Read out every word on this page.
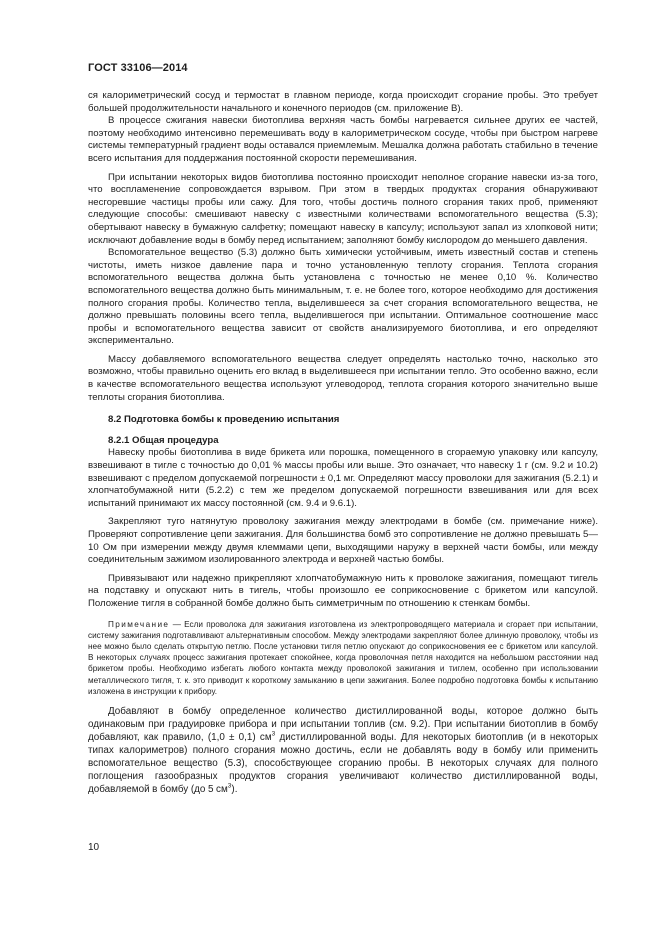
ГОСТ 33106—2014

ся калориметрический сосуд и термостат в главном периоде, когда происходит сгорание пробы. Это требует большей продолжительности начального и конечного периодов (см. приложение В).

В процессе сжигания навески биотоплива верхняя часть бомбы нагревается сильнее других ее частей, поэтому необходимо интенсивно перемешивать воду в калориметрическом сосуде, чтобы при быстром нагреве системы температурный градиент воды оставался приемлемым. Мешалка должна работать стабильно в течение всего испытания для поддержания постоянной скорости перемешивания.

При испытании некоторых видов биотоплива постоянно происходит неполное сгорание навески из-за того, что воспламенение сопровождается взрывом. При этом в твердых продуктах сгорания обнаруживают несгоревшие частицы пробы или сажу. Для того, чтобы достичь полного сгорания таких проб, применяют следующие способы: смешивают навеску с известными количествами вспомогательного вещества (5.3); обертывают навеску в бумажную салфетку; помещают навеску в капсулу; используют запал из хлопковой нити; исключают добавление воды в бомбу перед испытанием; заполняют бомбу кислородом до меньшего давления.

Вспомогательное вещество (5.3) должно быть химически устойчивым, иметь известный состав и степень чистоты, иметь низкое давление пара и точно установленную теплоту сгорания. Теплота сгорания вспомогательного вещества должна быть установлена с точностью не менее 0,10 %. Количество вспомогательного вещества должно быть минимальным, т. е. не более того, которое необходимо для достижения полного сгорания пробы. Количество тепла, выделившееся за счет сгорания вспомогательного вещества, не должно превышать половины всего тепла, выделившегося при испытании. Оптимальное соотношение масс пробы и вспомогательного вещества зависит от свойств анализируемого биотоплива, и его определяют экспериментально.

Массу добавляемого вспомогательного вещества следует определять настолько точно, насколько это возможно, чтобы правильно оценить его вклад в выделившееся при испытании тепло. Это особенно важно, если в качестве вспомогательного вещества используют углеводород, теплота сгорания которого значительно выше теплоты сгорания биотоплива.

8.2 Подготовка бомбы к проведению испытания

8.2.1 Общая процедура

Навеску пробы биотоплива в виде брикета или порошка, помещенного в сгораемую упаковку или капсулу, взвешивают в тигле с точностью до 0,01 % массы пробы или выше. Это означает, что навеску 1 г (см. 9.2 и 10.2) взвешивают с пределом допускаемой погрешности ± 0,1 мг. Определяют массу проволоки для зажигания (5.2.1) и хлопчатобумажной нити (5.2.2) с тем же пределом допускаемой погрешности взвешивания или для всех испытаний принимают их массу постоянной (см. 9.4 и 9.6.1).

Закрепляют туго натянутую проволоку зажигания между электродами в бомбе (см. примечание ниже). Проверяют сопротивление цепи зажигания. Для большинства бомб это сопротивление не должно превышать 5—10 Ом при измерении между двумя клеммами цепи, выходящими наружу в верхней части бомбы, или между соединительным зажимом изолированного электрода и верхней частью бомбы.

Привязывают или надежно прикрепляют хлопчатобумажную нить к проволоке зажигания, помещают тигель на подставку и опускают нить в тигель, чтобы произошло ее соприкосновение с брикетом или капсулой. Положение тигля в собранной бомбе должно быть симметричным по отношению к стенкам бомбы.

Примечание — Если проволока для зажигания изготовлена из электропроводящего материала и сгорает при испытании, систему зажигания подготавливают альтернативным способом. Между электродами закрепляют более длинную проволоку, чтобы из нее можно было сделать открытую петлю. После установки тигля петлю опускают до соприкосновения ее с брикетом или капсулой. В некоторых случаях процесс зажигания протекает спокойнее, когда проволочная петля находится на небольшом расстоянии над брикетом пробы. Необходимо избегать любого контакта между проволокой зажигания и тиглем, особенно при использовании металлического тигля, т. к. это приводит к короткому замыканию в цепи зажигания. Более подробно подготовка бомбы к испытанию изложена в инструкции к прибору.

Добавляют в бомбу определенное количество дистиллированной воды, которое должно быть одинаковым при градуировке прибора и при испытании топлив (см. 9.2). При испытании биотоплив в бомбу добавляют, как правило, (1,0 ± 0,1) $см^3$ дистиллированной воды. Для некоторых биотоплив (и в некоторых типах калориметров) полного сгорания можно достичь, если не добавлять воду в бомбу или применить вспомогательное вещество (5.3), способствующее сгоранию пробы. В некоторых случаях для полного поглощения газообразных продуктов сгорания увеличивают количество дистиллированной воды, добавляемой в бомбу (до 5 $см^3$).

10
